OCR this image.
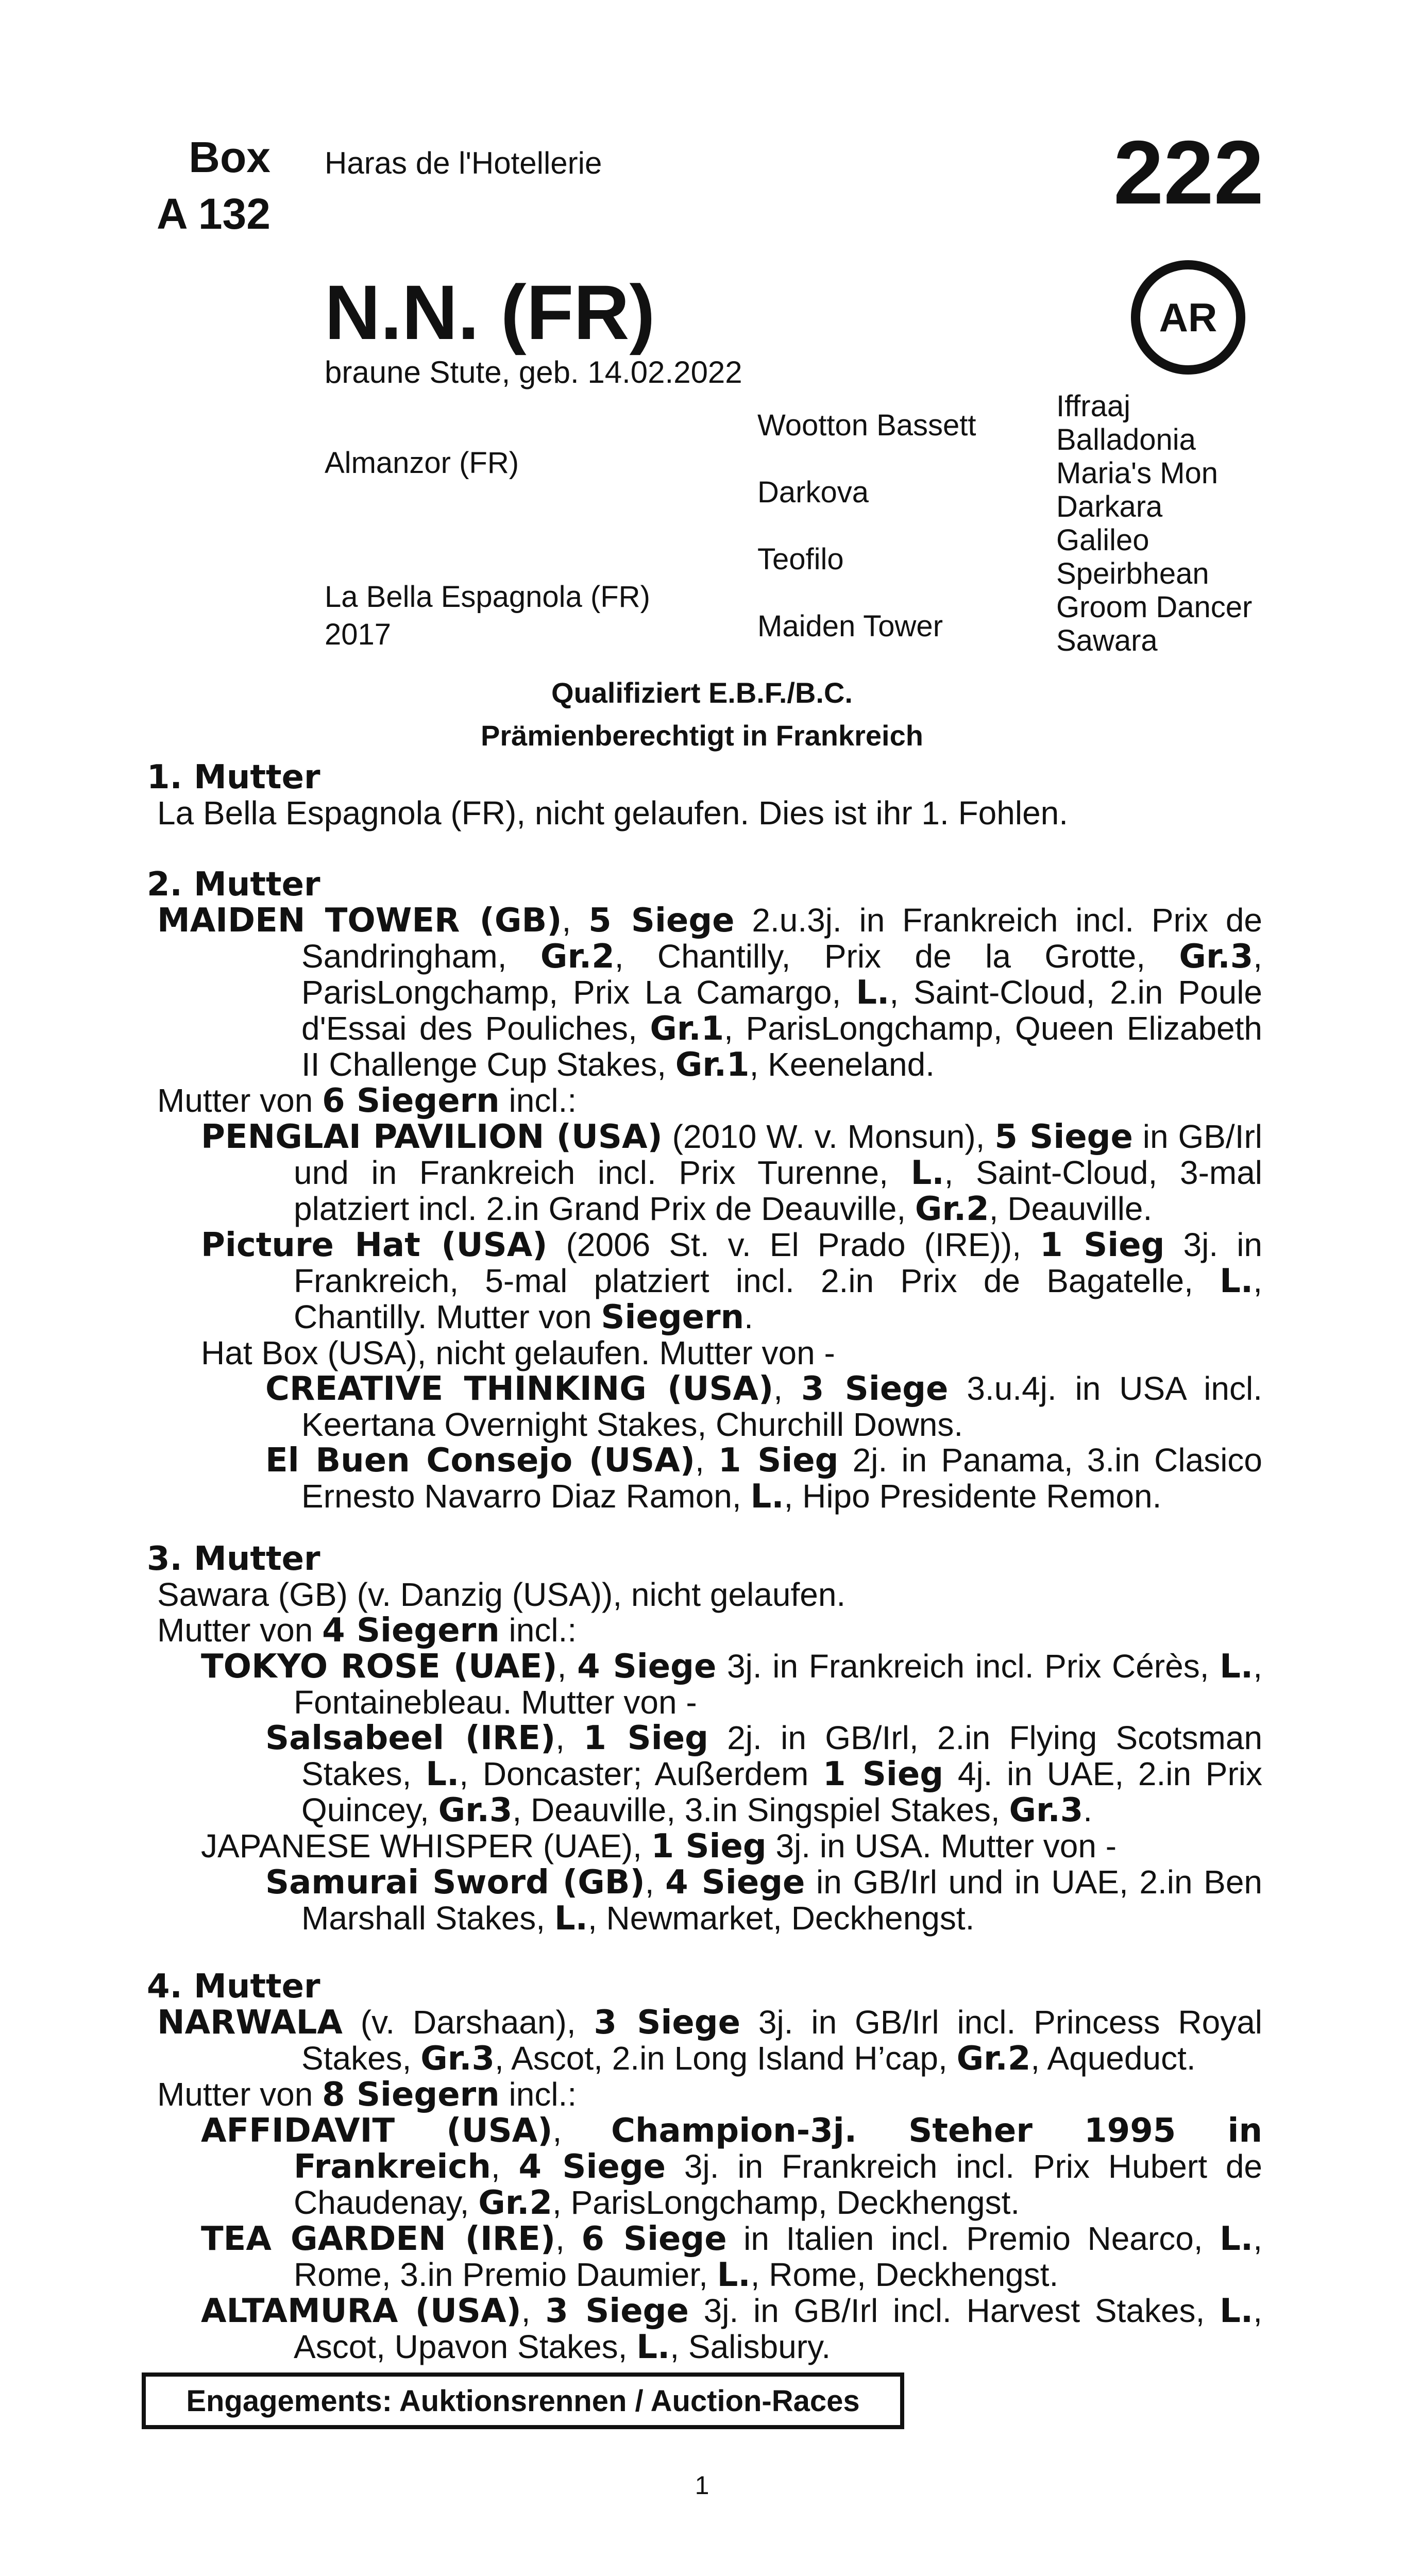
Box
A 132
Haras de l'Hotellerie	222
AR
N.N. (FR)
braune Stute, geb. 14.02.2022
Almanzor (FR)
La Bella Espagnola (FR)
2017
Wootton Bassett
Darkova
Teofilo
Maiden Tower
Iffraaj
Balladonia
Maria's Mon
Darkara
Galileo
Speirbhean
Groom Dancer
Sawara
Qualifiziert E.B.F./B.C.
Prämienberechtigt in Frankreich
1. Mutter

La Bella Espagnola (FR), nicht gelaufen. Dies ist ihr 1. Fohlen.

2. Mutter

MAIDEN TOWER (GB), 5 Siege 2.u.3j. in Frankreich incl. Prix de Sandringham, Gr.2, Chantilly, Prix de la Grotte, Gr.3, ParisLongchamp, Prix La Camargo, L., Saint-Cloud, 2.in Poule d'Essai des Pouliches, Gr.1, ParisLongchamp, Queen Elizabeth II Challenge Cup Stakes, Gr.1, Keeneland.

Mutter von 6 Siegern incl.:

PENGLAI PAVILION (USA) (2010 W. v. Monsun), 5 Siege in GB/Irl und in Frankreich incl. Prix Turenne, L., Saint-Cloud, 3-mal platziert incl. 2.in Grand Prix de Deauville, Gr.2, Deauville.

Picture Hat (USA) (2006 St. v. El Prado (IRE)), 1 Sieg 3j. in Frankreich, 5-mal platziert incl. 2.in Prix de Bagatelle, L., Chantilly. Mutter von Siegern.

Hat Box (USA), nicht gelaufen. Mutter von -

CREATIVE THINKING (USA), 3 Siege 3.u.4j. in USA incl. Keertana Overnight Stakes, Churchill Downs.

El Buen Consejo (USA), 1 Sieg 2j. in Panama, 3.in Clasico Ernesto Navarro Diaz Ramon, L., Hipo Presidente Remon.

3. Mutter

Sawara (GB) (v. Danzig (USA)), nicht gelaufen.

Mutter von 4 Siegern incl.:

TOKYO ROSE (UAE), 4 Siege 3j. in Frankreich incl. Prix Cérès, L., Fontainebleau. Mutter von -

Salsabeel (IRE), 1 Sieg 2j. in GB/Irl, 2.in Flying Scotsman Stakes, L., Doncaster; Außerdem 1 Sieg 4j. in UAE, 2.in Prix Quincey, Gr.3, Deauville, 3.in Singspiel Stakes, Gr.3.

JAPANESE WHISPER (UAE), 1 Sieg 3j. in USA. Mutter von -

Samurai Sword (GB), 4 Siege in GB/Irl und in UAE, 2.in Ben Marshall Stakes, L., Newmarket, Deckhengst.

4. Mutter

NARWALA (v. Darshaan), 3 Siege 3j. in GB/Irl incl. Princess Royal Stakes, Gr.3, Ascot, 2.in Long Island H’cap, Gr.2, Aqueduct.

Mutter von 8 Siegern incl.:

AFFIDAVIT (USA), Champion-3j. Steher 1995 in Frankreich, 4 Siege 3j. in Frankreich incl. Prix Hubert de Chaudenay, Gr.2, ParisLongchamp, Deckhengst.

TEA GARDEN (IRE), 6 Siege in Italien incl. Premio Nearco, L., Rome, 3.in Premio Daumier, L., Rome, Deckhengst.

ALTAMURA (USA), 3 Siege 3j. in GB/Irl incl. Harvest Stakes, L., Ascot, Upavon Stakes, L., Salisbury.

Engagements: Auktionsrennen / Auction-Races
1
